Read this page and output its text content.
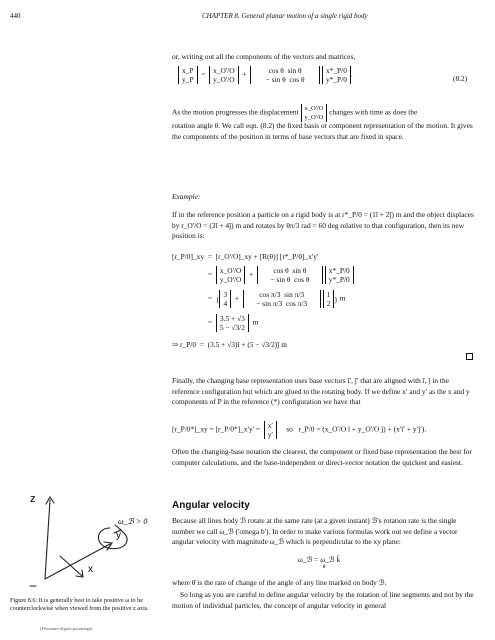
440	CHAPTER 8. General planar motion of a single rigid body
or, writing out all the components of the vectors and matrices,
x_P
y_P
= x_O'/O
y_O'/O
+	cos θ sin θ
− sin θ cos θ

x*_P/0
y*_P/0
.	(8.2)
As the motion progresses the displacement x_O'/O
y_O'/O
changes with time as does the
rotation angle θ. We call eqn. (8.2) the fixed basis or component representation of the motion. It gives the components of the position in terms of base vectors that are fixed in space.
Example:
If in the reference position a particle on a rigid body is at r*_P/0 = (1î + 2ĵ) m and the object displaces by r_O'/O = (3î + 4ĵ) m and rotates by θπ/3 rad = 60 deg relative to that configuration, then its new position is:
[r_P/0]_xy = [r_O'/O]_xy + [R(θ)] [r*_P/0]_x'y'
= x_O'/O
y_O'/O
+	cos θ sin θ
− sin θ cos θ

x*_P/0
y*_P/0
=  { 3
4
+	cos π/3 sin π/3
− sin π/3 cos π/3

1
2 } m
= 3.5 + √3
5 − √3/2
m
⇒ r_P/0  =  (3.5 + √3)î + (5 − √3/2)ĵ m
Finally, the changing base representation uses base vectors î′, ĵ′ that are aligned with î, ĵ in the reference configuration but which are glued to the rotating body. If we define x′ and y′ as the x and y components of P in the reference (*) configuration we have that
[r_P/0*]_xy = [r_P/0*]_x'y' = x′
y′
so r_P/0 = (x_O'/O î + y_O'/O ĵ) + (x′î′ + y′ĵ′).
Often the changing-base notation the clearest, the component or fixed base representation the best for computer calculations, and the base-independent or direct-vector notation the quickest and easiest.
z
y
x
ω_ℬ > 0
Figure 8.6: It is generally best to take positive ω to be counterclockwise when viewed from the positive z axis.
(Filename:tfigure.posomega)
Angular velocity
Because all lines body ℬ rotate at the same rate (at a given instant) ℬ's rotation rate is the single number we call ω_ℬ ('omega b'). In order to make various formulas work out we define a vector angular velocity with magnitude ω_ℬ which is perpendicular to the xy plane:
ω_ℬ = ω_ℬ k̂
θ̇
where θ̇ is the rate of change of the angle of any line marked on body ℬ.
So long as you are careful to define angular velocity by the rotation of line segments and not by the motion of individual particles, the concept of angular velocity in general
